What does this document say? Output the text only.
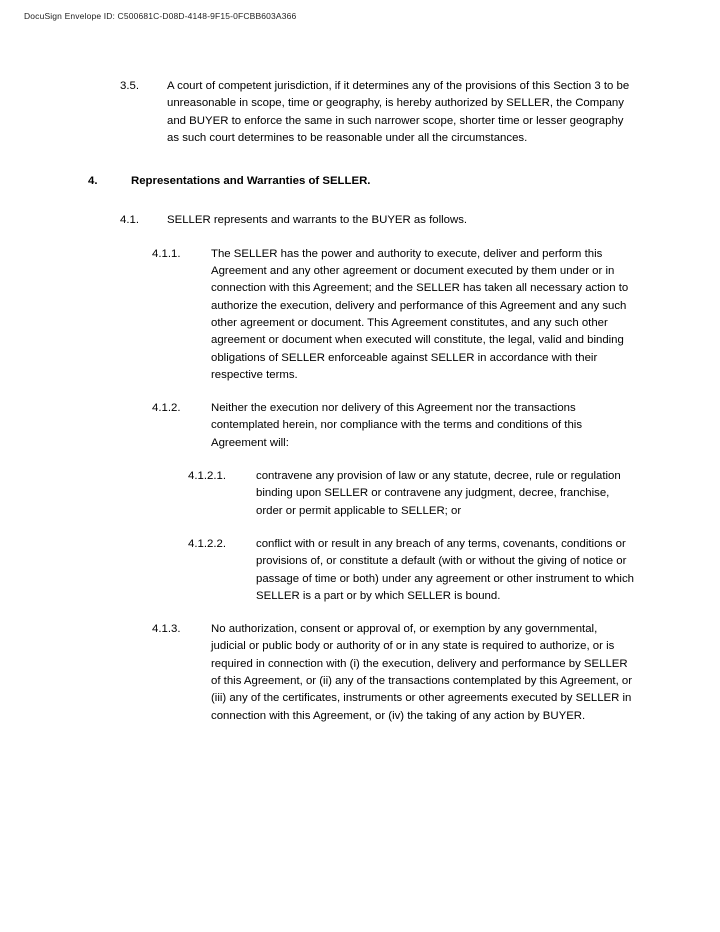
DocuSign Envelope ID: C500681C-D08D-4148-9F15-0FCBB603A366
3.5.	A court of competent jurisdiction, if it determines any of the provisions of this Section 3 to be unreasonable in scope, time or geography, is hereby authorized by SELLER, the Company and BUYER to enforce the same in such narrower scope, shorter time or lesser geography as such court determines to be reasonable under all the circumstances.
4.	Representations and Warranties of SELLER.
4.1.	SELLER represents and warrants to the BUYER as follows.
4.1.1.	The SELLER has the power and authority to execute, deliver and perform this Agreement and any other agreement or document executed by them under or in connection with this Agreement; and the SELLER has taken all necessary action to authorize the execution, delivery and performance of this Agreement and any such other agreement or document. This Agreement constitutes, and any such other agreement or document when executed will constitute, the legal, valid and binding obligations of SELLER enforceable against SELLER in accordance with their respective terms.
4.1.2.	Neither the execution nor delivery of this Agreement nor the transactions contemplated herein, nor compliance with the terms and conditions of this Agreement will:
4.1.2.1.	contravene any provision of law or any statute, decree, rule or regulation binding upon SELLER or contravene any judgment, decree, franchise, order or permit applicable to SELLER; or
4.1.2.2.	conflict with or result in any breach of any terms, covenants, conditions or provisions of, or constitute a default (with or without the giving of notice or passage of time or both) under any agreement or other instrument to which SELLER is a part or by which SELLER is bound.
4.1.3.	No authorization, consent or approval of, or exemption by any governmental, judicial or public body or authority of or in any state is required to authorize, or is required in connection with (i) the execution, delivery and performance by SELLER of this Agreement, or (ii) any of the transactions contemplated by this Agreement, or (iii) any of the certificates, instruments or other agreements executed by SELLER in connection with this Agreement, or (iv) the taking of any action by BUYER.
